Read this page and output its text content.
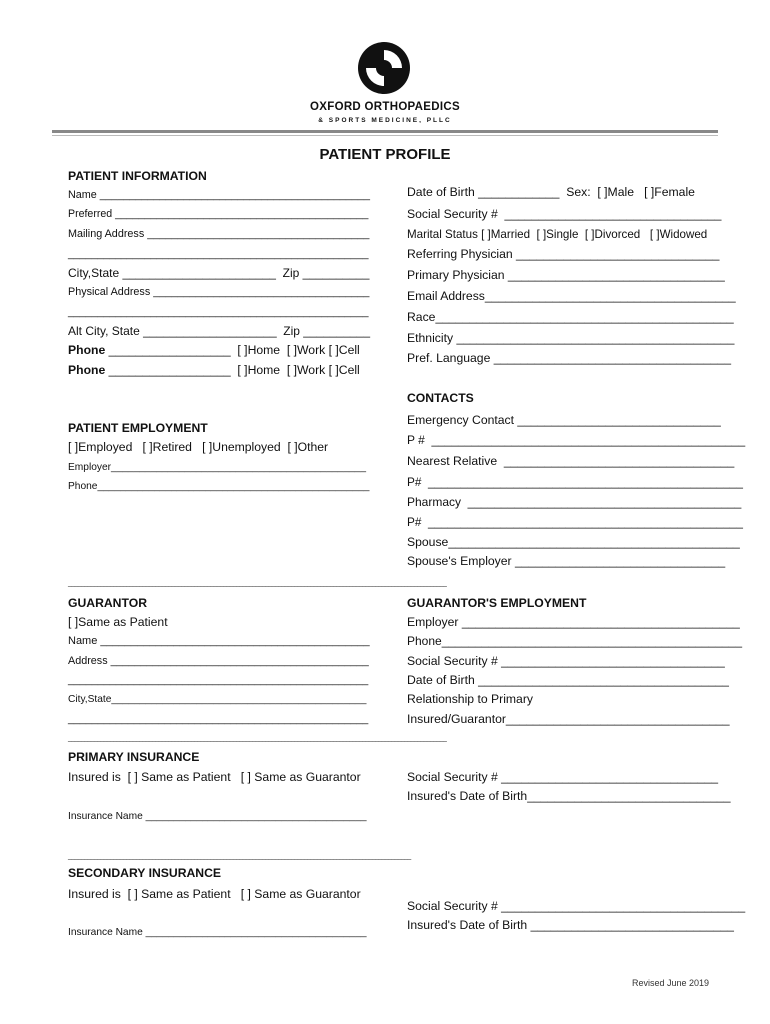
OXFORD ORTHOPAEDICS
& SPORTS MEDICINE, PLLC
PATIENT PROFILE
PATIENT INFORMATION
Name _____________________________________________
Preferred ___________________________________________
Mailing Address _____________________________________
___________________________________________________
City,State _______________________  Zip __________
Physical Address ____________________________________
___________________________________________________
Alt City, State ____________________  Zip __________
Phone __________________  [ ]Home  [ ]Work [ ]Cell
Phone __________________  [ ]Home  [ ]Work [ ]Cell
PATIENT EMPLOYMENT
[ ]Employed   [ ]Retired   [ ]Unemployed  [ ]Other
Employer_____________________________________________
Phone________________________________________________
Date of Birth ____________  Sex:  [ ]Male   [ ]Female
Social Security #  ________________________________
Marital Status [ ]Married  [ ]Single  [ ]Divorced   [ ]Widowed
Referring Physician ______________________________
Primary Physician ________________________________
Email Address_____________________________________
Race____________________________________________
Ethnicity _________________________________________
Pref. Language ___________________________________
CONTACTS
Emergency Contact ______________________________
P #  _______________________________________________
Nearest Relative  __________________________________
P#  ________________________________________________
Pharmacy  _________________________________________
P#  ________________________________________________
Spouse___________________________________________
Spouse's Employer _______________________________
_____________________________________________________________________________________________________________________
GUARANTOR
[ ]Same as Patient
Name ____________________________________________
Address ___________________________________________
__________________________________________________
City,State_____________________________________________
__________________________________________________
GUARANTOR'S EMPLOYMENT
Employer _________________________________________
Phone_____________________________________________
Social Security # _________________________________
Date of Birth _____________________________________
Relationship to Primary
Insured/Guarantor_________________________________
_____________________________________________________________________________________________________________________
PRIMARY INSURANCE
Insured is  [ ] Same as Patient   [ ] Same as Guarantor	Social Security # ________________________________
Insured's Date of Birth______________________________
Insurance Name _______________________________________
__________________________________________________________________________________________________________
SECONDARY INSURANCE
Insured is  [ ] Same as Patient   [ ] Same as Guarantor
Social Security # ____________________________________
Insured's Date of Birth ______________________________
Insurance Name _______________________________________
Revised June 2019
